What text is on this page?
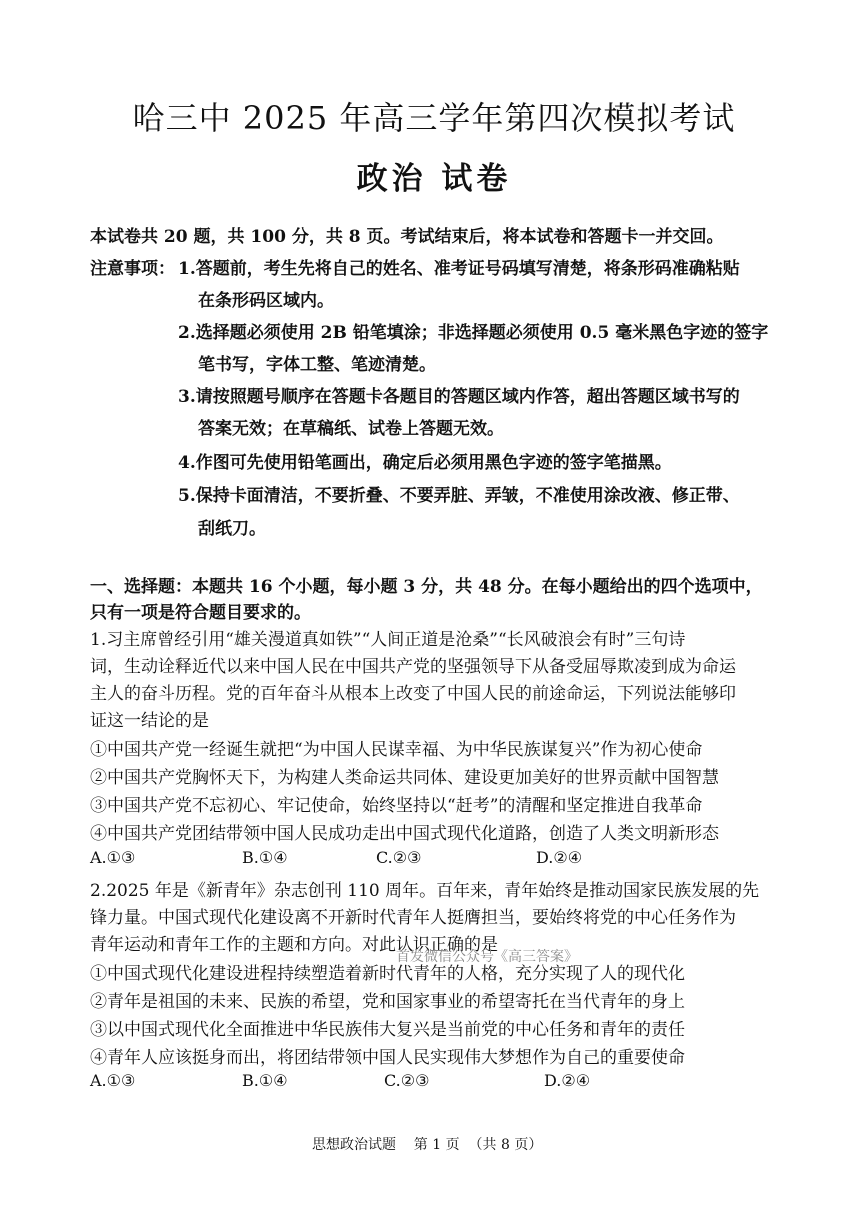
哈三中 2025 年高三学年第四次模拟考试
政治 试卷
本试卷共 20 题，共 100 分，共 8 页。考试结束后，将本试卷和答题卡一并交回。
注意事项： 1.答题前，考生先将自己的姓名、准考证号码填写清楚，将条形码准确粘贴
在条形码区域内。
2.选择题必须使用 2B 铅笔填涂；非选择题必须使用 0.5 毫米黑色字迹的签字
笔书写，字体工整、笔迹清楚。
3.请按照题号顺序在答题卡各题目的答题区域内作答，超出答题区域书写的
答案无效；在草稿纸、试卷上答题无效。
4.作图可先使用铅笔画出，确定后必须用黑色字迹的签字笔描黑。
5.保持卡面清洁，不要折叠、不要弄脏、弄皱，不准使用涂改液、修正带、
刮纸刀。
一、选择题：本题共 16 个小题，每小题 3 分，共 48 分。在每小题给出的四个选项中，
只有一项是符合题目要求的。
1.习主席曾经引用“雄关漫道真如铁”“人间正道是沧桑”“长风破浪会有时”三句诗
词，生动诠释近代以来中国人民在中国共产党的坚强领导下从备受屈辱欺凌到成为命运
主人的奋斗历程。党的百年奋斗从根本上改变了中国人民的前途命运，下列说法能够印
证这一结论的是
①中国共产党一经诞生就把“为中国人民谋幸福、为中华民族谋复兴”作为初心使命
②中国共产党胸怀天下，为构建人类命运共同体、建设更加美好的世界贡献中国智慧
③中国共产党不忘初心、牢记使命，始终坚持以“赶考”的清醒和坚定推进自我革命
④中国共产党团结带领中国人民成功走出中国式现代化道路，创造了人类文明新形态
A.①③	B.①④	C.②③	D.②④
2.2025 年是《新青年》杂志创刊 110 周年。百年来，青年始终是推动国家民族发展的先
锋力量。中国式现代化建设离不开新时代青年人挺膺担当，要始终将党的中心任务作为
青年运动和青年工作的主题和方向。对此认识正确的是
首发微信公众号《高三答案》
①中国式现代化建设进程持续塑造着新时代青年的人格，充分实现了人的现代化
②青年是祖国的未来、民族的希望，党和国家事业的希望寄托在当代青年的身上
③以中国式现代化全面推进中华民族伟大复兴是当前党的中心任务和青年的责任
④青年人应该挺身而出，将团结带领中国人民实现伟大梦想作为自己的重要使命
A.①③	B.①④	C.②③	D.②④
思想政治试题    第 1 页  （共 8 页）
